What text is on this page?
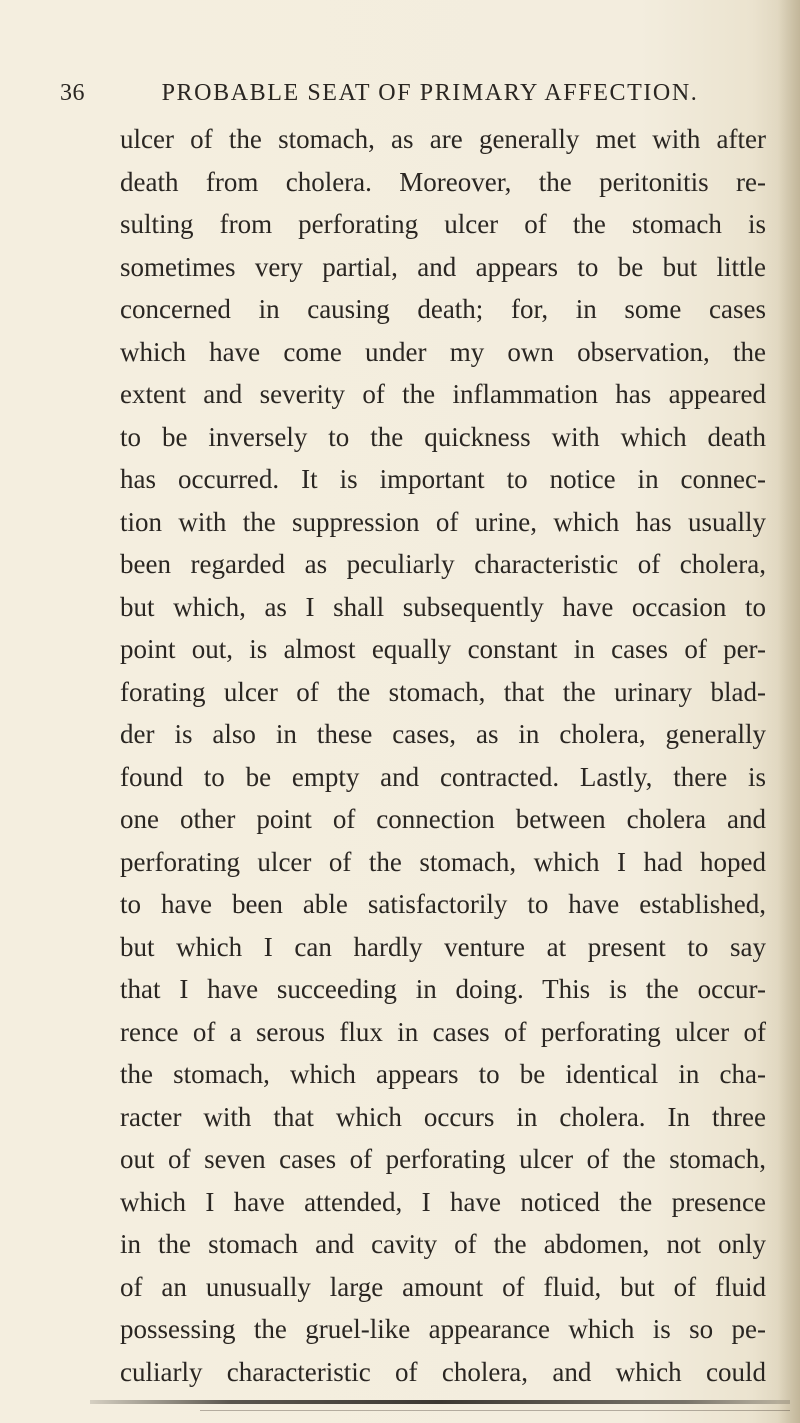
36	PROBABLE SEAT OF PRIMARY AFFECTION.
ulcer of the stomach, as are generally met with after
death from cholera. Moreover, the peritonitis re-
sulting from perforating ulcer of the stomach is
sometimes very partial, and appears to be but little
concerned in causing death; for, in some cases
which have come under my own observation, the
extent and severity of the inflammation has appeared
to be inversely to the quickness with which death
has occurred. It is important to notice in connec-
tion with the suppression of urine, which has usually
been regarded as peculiarly characteristic of cholera,
but which, as I shall subsequently have occasion to
point out, is almost equally constant in cases of per-
forating ulcer of the stomach, that the urinary blad-
der is also in these cases, as in cholera, generally
found to be empty and contracted. Lastly, there is
one other point of connection between cholera and
perforating ulcer of the stomach, which I had hoped
to have been able satisfactorily to have established,
but which I can hardly venture at present to say
that I have succeeding in doing. This is the occur-
rence of a serous flux in cases of perforating ulcer of
the stomach, which appears to be identical in cha-
racter with that which occurs in cholera. In three
out of seven cases of perforating ulcer of the stomach,
which I have attended, I have noticed the presence
in the stomach and cavity of the abdomen, not only
of an unusually large amount of fluid, but of fluid
possessing the gruel-like appearance which is so pe-
culiarly characteristic of cholera, and which could
